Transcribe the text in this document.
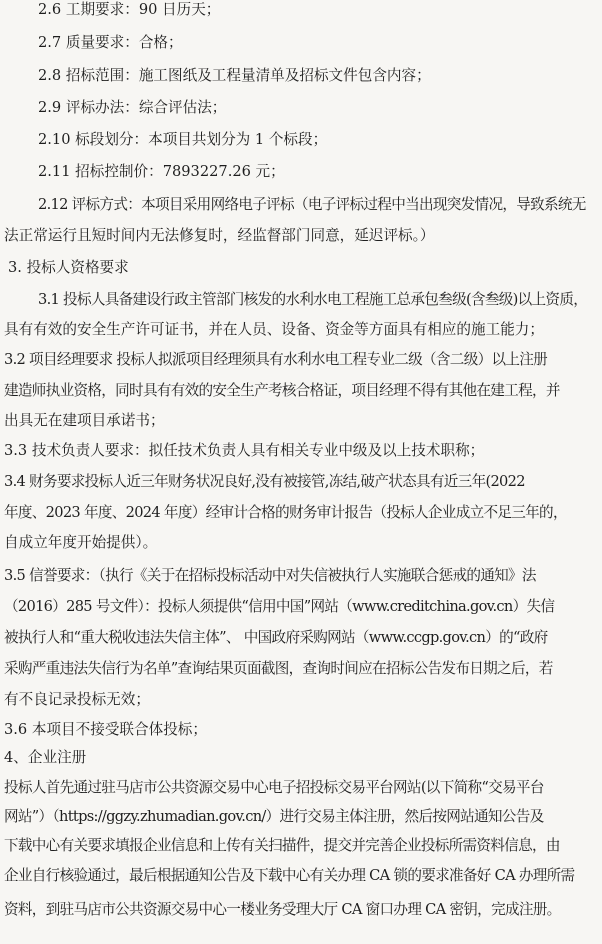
2.6 工期要求：90 日历天；
2.7 质量要求：合格；
2.8 招标范围：施工图纸及工程量清单及招标文件包含内容；
2.9 评标办法：综合评估法；
2.10 标段划分：本项目共划分为 1 个标段；
2.11 招标控制价：7893227.26 元；
2.12 评标方式：本项目采用网络电子评标（电子评标过程中当出现突发情况，导致系统无
法正常运行且短时间内无法修复时，经监督部门同意，延迟评标。）
3. 投标人资格要求
3.1 投标人具备建设行政主管部门核发的水利水电工程施工总承包叁级(含叁级)以上资质，
具有有效的安全生产许可证书，并在人员、设备、资金等方面具有相应的施工能力；
3.2 项目经理要求 投标人拟派项目经理须具有水利水电工程专业二级（含二级）以上注册
建造师执业资格，同时具有有效的安全生产考核合格证，项目经理不得有其他在建工程，并
出具无在建项目承诺书；
3.3 技术负责人要求：拟任技术负责人具有相关专业中级及以上技术职称；
3.4 财务要求投标人近三年财务状况良好,没有被接管,冻结,破产状态具有近三年(2022
年度、2023 年度、2024 年度）经审计合格的财务审计报告（投标人企业成立不足三年的，
自成立年度开始提供）。
3.5 信誉要求：（执行《关于在招标投标活动中对失信被执行人实施联合惩戒的通知》法
（2016）285 号文件）：投标人须提供“信用中国”网站（www.creditchina.gov.cn）失信
被执行人和“重大税收违法失信主体”、 中国政府采购网站（www.ccgp.gov.cn）的“政府
采购严重违法失信行为名单”查询结果页面截图，查询时间应在招标公告发布日期之后，若
有不良记录投标无效；
3.6 本项目不接受联合体投标；
4、企业注册
投标人首先通过驻马店市公共资源交易中心电子招投标交易平台网站(以下简称“交易平台
网站”）（https://ggzy.zhumadian.gov.cn/）进行交易主体注册，然后按网站通知公告及
下载中心有关要求填报企业信息和上传有关扫描件，提交并完善企业投标所需资料信息，由
企业自行核验通过，最后根据通知公告及下载中心有关办理 CA 锁的要求准备好 CA 办理所需
资料，到驻马店市公共资源交易中心一楼业务受理大厅 CA 窗口办理 CA 密钥，完成注册。
